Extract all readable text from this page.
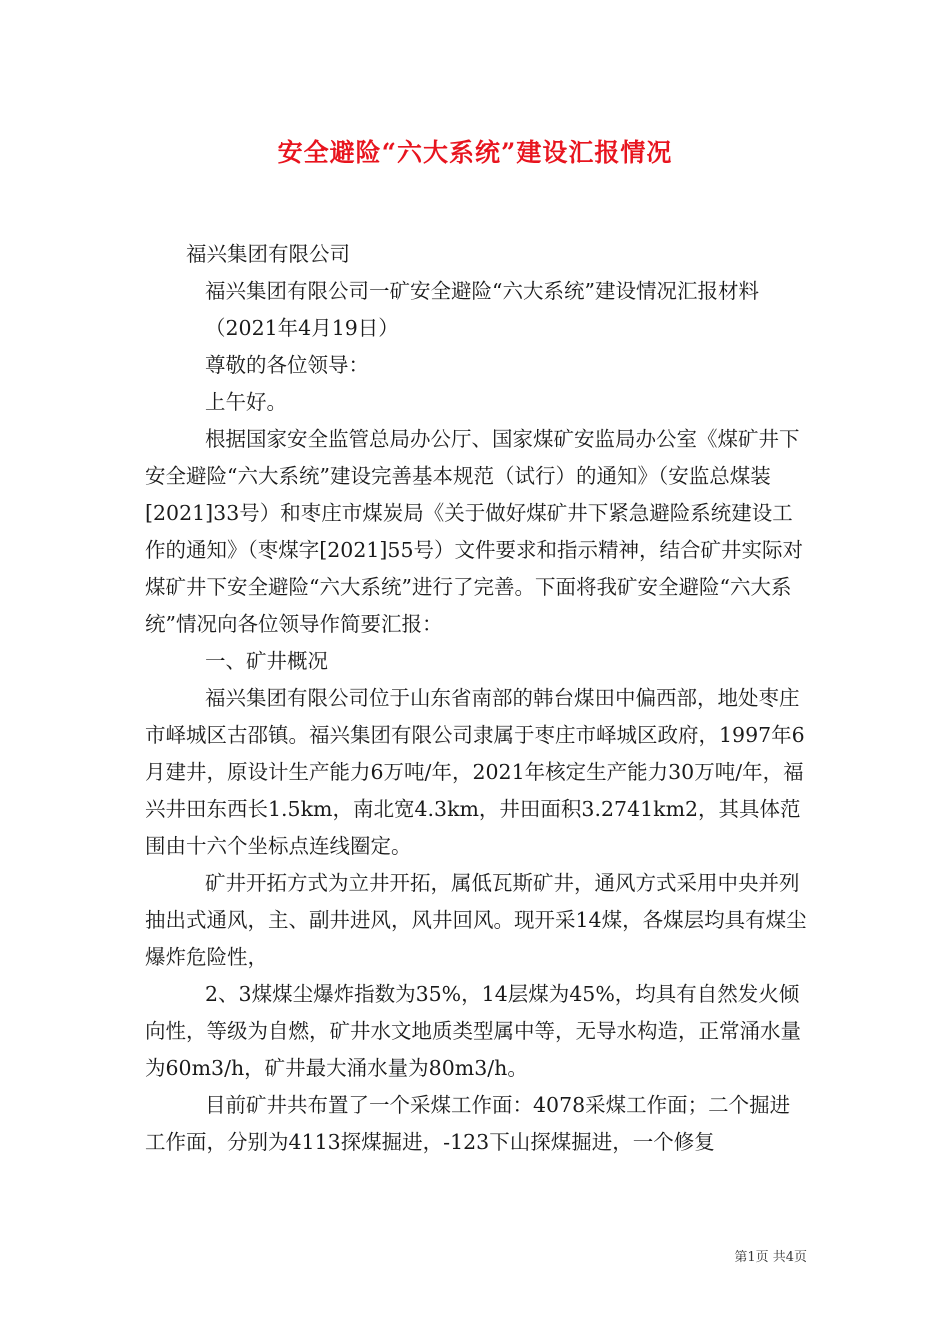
安全避险“六大系统”建设汇报情况

福兴集团有限公司

福兴集团有限公司一矿安全避险“六大系统”建设情况汇报材料

（2021年4月19日）

尊敬的各位领导：

上午好。

根据国家安全监管总局办公厅、国家煤矿安监局办公室《煤矿井下安全避险“六大系统”建设完善基本规范（试行）的通知》（安监总煤装[2021]33号）和枣庄市煤炭局《关于做好煤矿井下紧急避险系统建设工作的通知》（枣煤字[2021]55号）文件要求和指示精神，结合矿井实际对煤矿井下安全避险“六大系统”进行了完善。下面将我矿安全避险“六大系统”情况向各位领导作简要汇报：

一、矿井概况

福兴集团有限公司位于山东省南部的韩台煤田中偏西部，地处枣庄市峄城区古邵镇。福兴集团有限公司隶属于枣庄市峄城区政府，1997年6月建井，原设计生产能力6万吨/年，2021年核定生产能力30万吨/年，福兴井田东西长1.5km，南北宽4.3km，井田面积3.2741km2，其具体范围由十六个坐标点连线圈定。

矿井开拓方式为立井开拓，属低瓦斯矿井，通风方式采用中央并列抽出式通风，主、副井进风，风井回风。现开采14煤，各煤层均具有煤尘爆炸危险性，

2、3煤煤尘爆炸指数为35%，14层煤为45%，均具有自然发火倾向性，等级为自燃，矿井水文地质类型属中等，无导水构造，正常涌水量为60m3/h，矿井最大涌水量为80m3/h。

目前矿井共布置了一个采煤工作面：4078采煤工作面；二个掘进工作面，分别为4113探煤掘进，-123下山探煤掘进，一个修复

第1页 共4页
